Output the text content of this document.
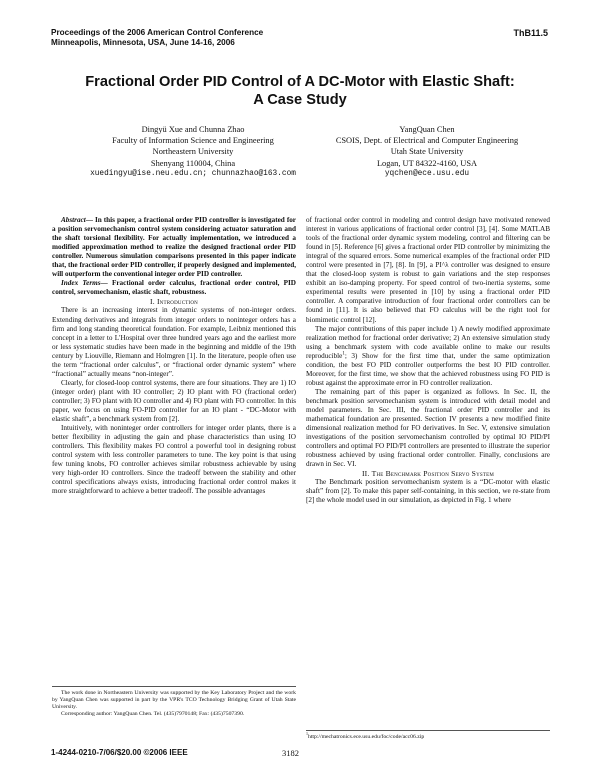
Proceedings of the 2006 American Control Conference
Minneapolis, Minnesota, USA, June 14-16, 2006
ThB11.5
Fractional Order PID Control of A DC-Motor with Elastic Shaft:
A Case Study
Dingyü Xue and Chunna Zhao
Faculty of Information Science and Engineering
Northeastern University
Shenyang 110004, China
xuedingyu@ise.neu.edu.cn; chunnazhao@163.com
YangQuan Chen
CSOIS, Dept. of Electrical and Computer Engineering
Utah State University
Logan, UT 84322-4160, USA
yqchen@ece.usu.edu

Abstract— In this paper, a fractional order PID controller is investigated for a position servomechanism control system considering actuator saturation and the shaft torsional flexibility. For actually implementation, we introduced a modified approximation method to realize the designed fractional order PID controller. Numerous simulation comparisons presented in this paper indicate that, the fractional order PID controller, if properly designed and implemented, will outperform the conventional integer order PID controller.

Index Terms— Fractional order calculus, fractional order control, PID control, servomechanism, elastic shaft, robustness.

I. Introduction

There is an increasing interest in dynamic systems of non-integer orders. Extending derivatives and integrals from integer orders to noninteger orders has a firm and long standing theoretical foundation. For example, Leibniz mentioned this concept in a letter to L'Hospital over three hundred years ago and the earliest more or less systematic studies have been made in the beginning and middle of the 19th century by Liouville, Riemann and Holmgren [1]. In the literature, people often use the term “fractional order calculus”, or “fractional order dynamic system” where “fractional” actually means “non-integer”.

Clearly, for closed-loop control systems, there are four situations. They are 1) IO (integer order) plant with IO controller; 2) IO plant with FO (fractional order) controller; 3) FO plant with IO controller and 4) FO plant with FO controller. In this paper, we focus on using FO-PID controller for an IO plant - “DC-Motor with elastic shaft”, a benchmark system from [2].

Intuitively, with noninteger order controllers for integer order plants, there is a better flexibility in adjusting the gain and phase characteristics than using IO controllers. This flexibility makes FO control a powerful tool in designing robust control system with less controller parameters to tune. The key point is that using few tuning knobs, FO controller achieves similar robustness achievable by using very high-order IO controllers. Since the tradeoff between the stability and other control specifications always exists, introducing fractional order control makes it more straightforward to achieve a better tradeoff. The possible advantages

The work done in Northeastern University was supported by the Key Laboratory Project and the work by YangQuan Chen was supported in part by the VPR's TCO Technology Bridging Grant of Utah State University.

Corresponding author: YangQuan Chen. Tel. (435)7970148; Fax: (435)7507390.

of fractional order control in modeling and control design have motivated renewed interest in various applications of fractional order control [3], [4]. Some MATLAB tools of the fractional order dynamic system modeling, control and filtering can be found in [5]. Reference [6] gives a fractional order PID controller by minimizing the integral of the squared errors. Some numerical examples of the fractional order PID control were presented in [7], [8]. In [9], a PI^λ controller was designed to ensure that the closed-loop system is robust to gain variations and the step responses exhibit an iso-damping property. For speed control of two-inertia systems, some experimental results were presented in [10] by using a fractional order PID controller. A comparative introduction of four fractional order controllers can be found in [11]. It is also believed that FO calculus will be the right tool for biomimetic control [12].

The major contributions of this paper include 1) A newly modified approximate realization method for fractional order derivative; 2) An extensive simulation study using a benchmark system with code available online to make our results reproducible$^1$; 3) Show for the first time that, under the same optimization condition, the best FO PID controller outperforms the best IO PID controller. Moreover, for the first time, we show that the achieved robustness using FO PID is robust against the approximate error in FO controller realization.

The remaining part of this paper is organized as follows. In Sec. II, the benchmark position servomechanism system is introduced with detail model and model parameters. In Sec. III, the fractional order PID controller and its mathematical foundation are presented. Section IV presents a new modified finite dimensional realization method for FO derivatives. In Sec. V, extensive simulation investigations of the position servomechanism controlled by optimal IO PID/PI controllers and optimal FO PID/PI controllers are presented to illustrate the superior robustness achieved by using fractional order controller. Finally, conclusions are drawn in Sec. VI.

II. The Benchmark Position Servo System

The Benchmark position servomechanism system is a “DC-motor with elastic shaft” from [2]. To make this paper self-containing, in this section, we re-state from [2] the whole model used in our simulation, as depicted in Fig. 1 where

$^1$http://mechatronics.ece.usu.edu/foc/code/acc06.zip
1-4244-0210-7/06/$20.00 ©2006 IEEE	3182
